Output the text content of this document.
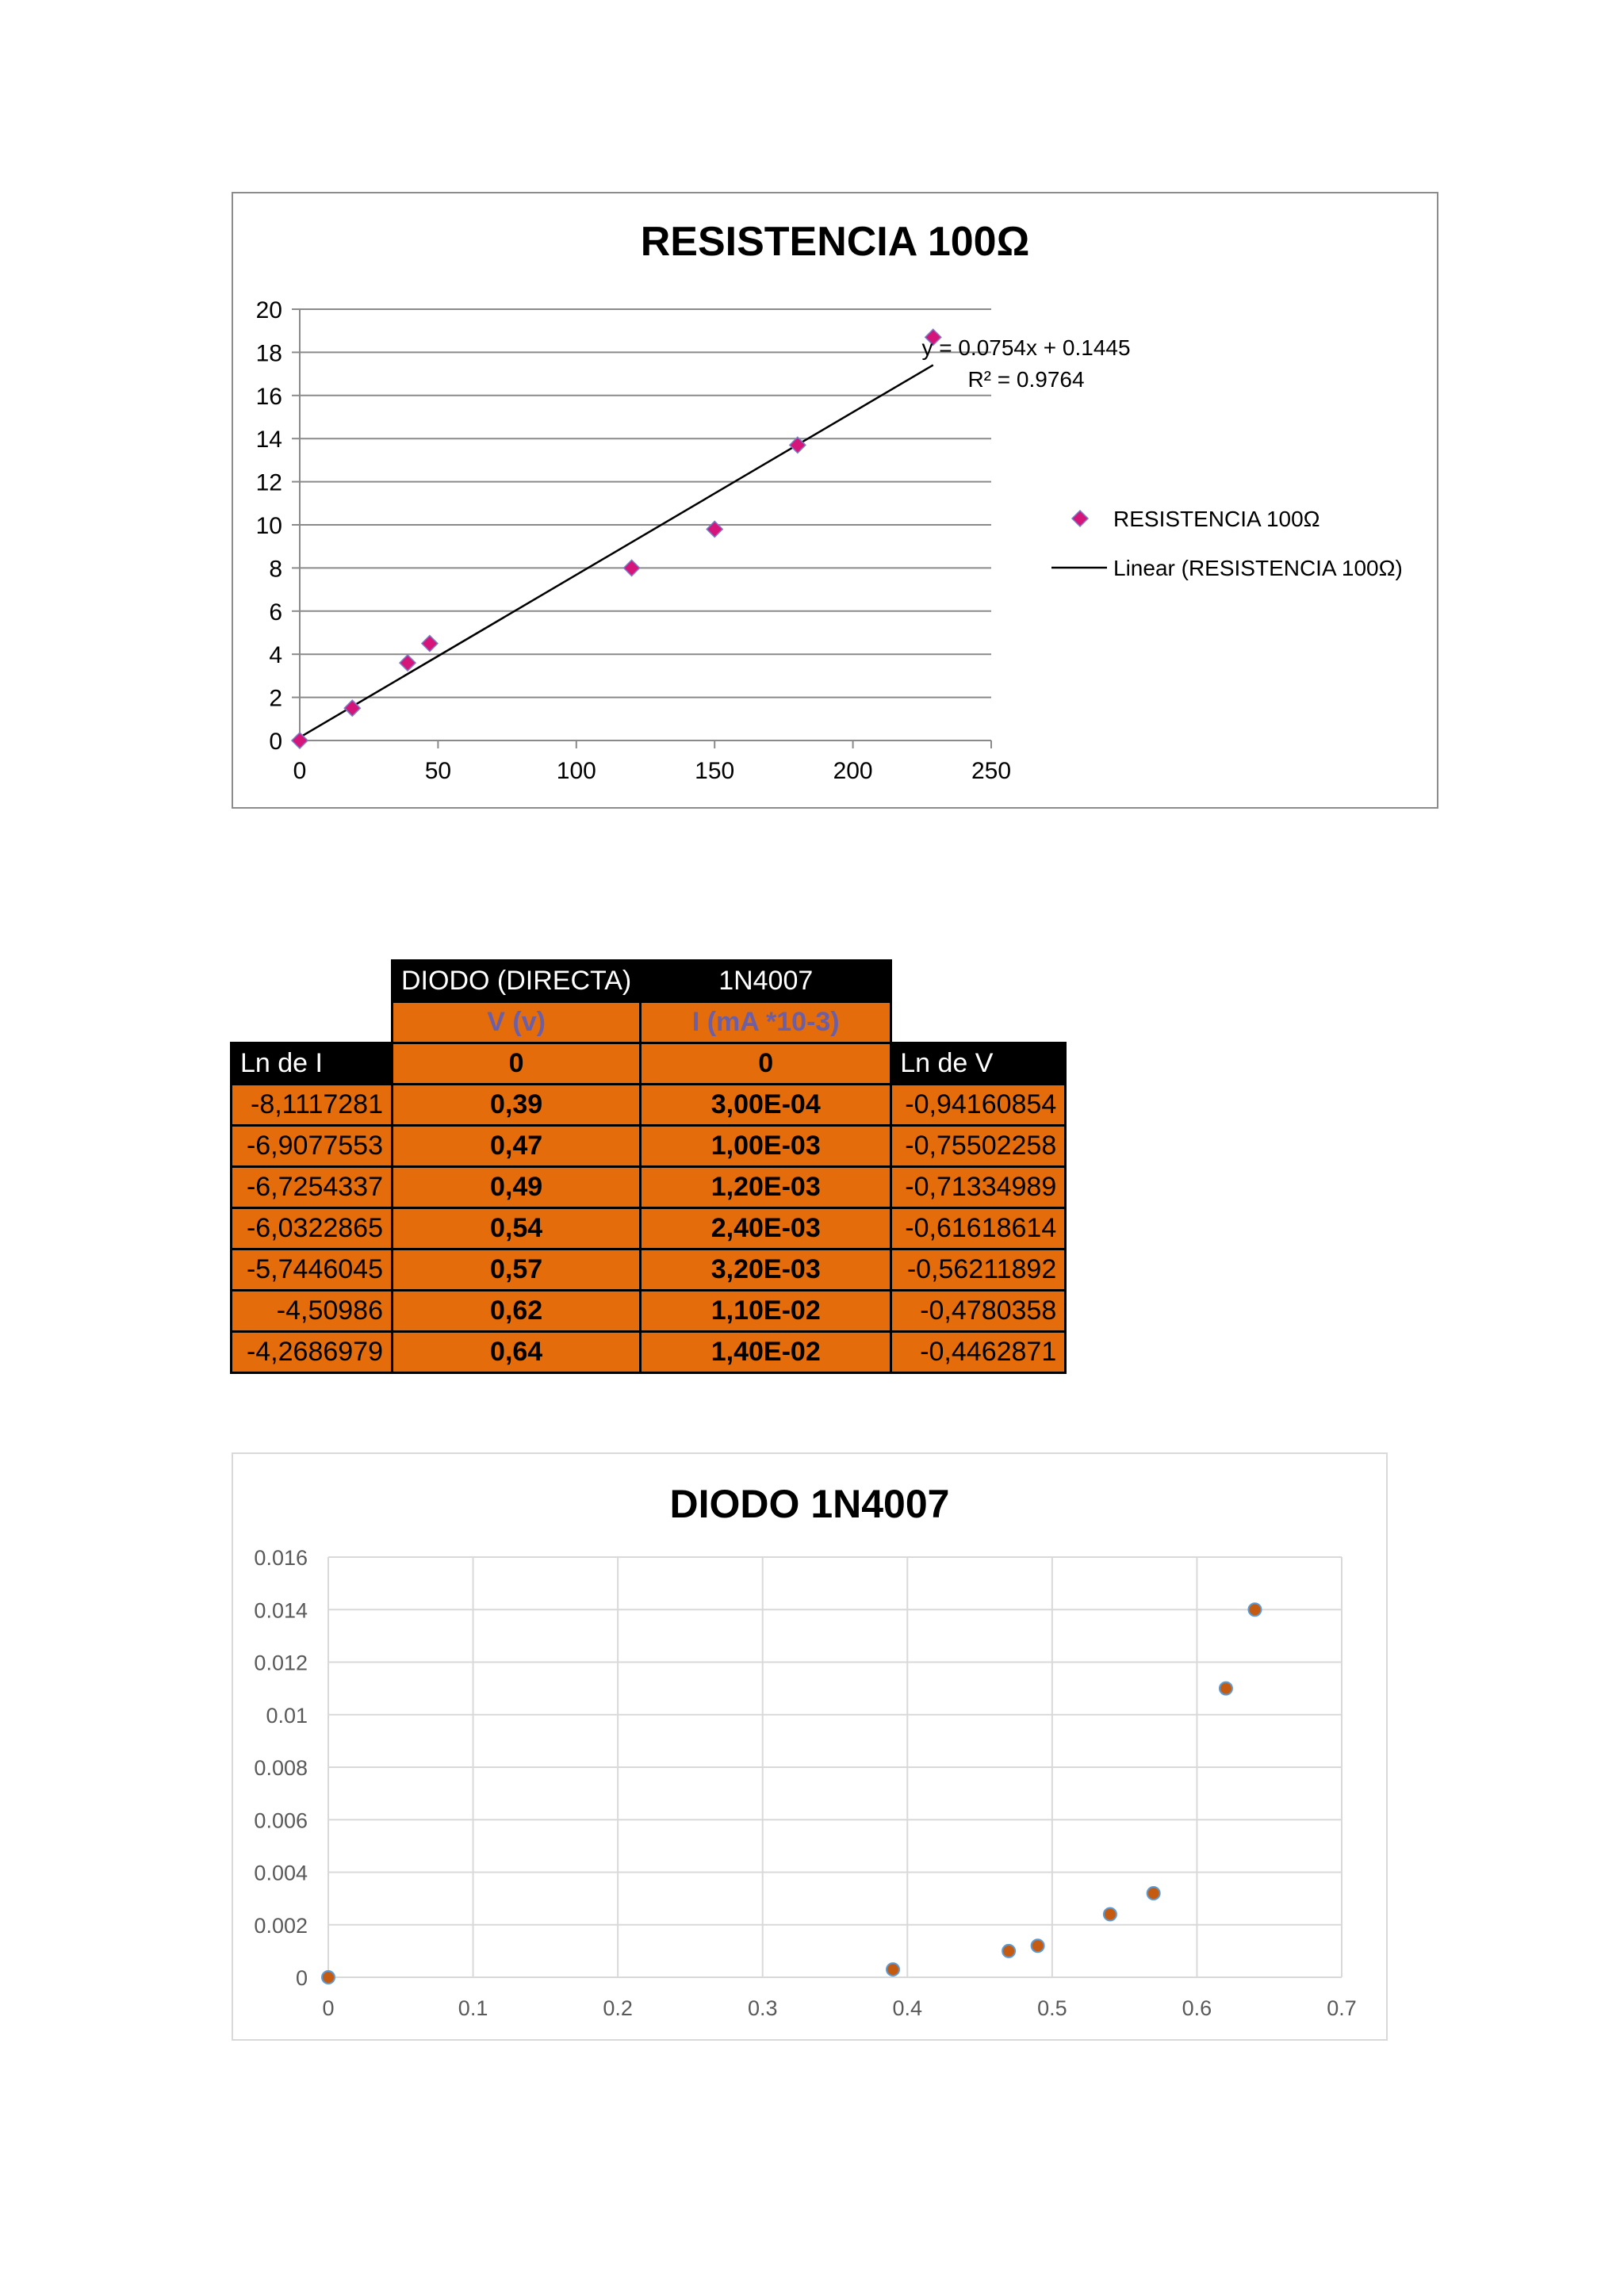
RESISTENCIA 100Ω
0
2
4
6
8
10
12
14
16
18
20
0	50	100	150	200	250
y = 0.0754x + 0.1445
R² = 0.9764
RESISTENCIA 100Ω
Linear (RESISTENCIA 100Ω)
	DIODO (DIRECTA)	1N4007	
	V (v)	I (mA *10-3)	
Ln de I	0	0	Ln de V
-8,1117281	0,39	3,00E-04	-0,94160854
-6,9077553	0,47	1,00E-03	-0,75502258
-6,7254337	0,49	1,20E-03	-0,71334989
-6,0322865	0,54	2,40E-03	-0,61618614
-5,7446045	0,57	3,20E-03	-0,56211892
-4,50986	0,62	1,10E-02	-0,4780358
-4,2686979	0,64	1,40E-02	-0,4462871
DIODO 1N4007
0
0.002
0.004
0.006
0.008
0.01
0.012
0.014
0.016
0	0.1	0.2	0.3	0.4	0.5	0.6	0.7
